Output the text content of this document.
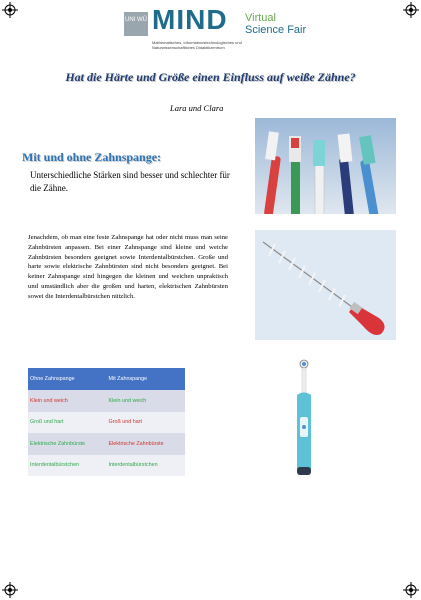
UNI WÜ MIND Virtual
Science Fair
Mathematisches, Informationstechnologisches und Naturwissenschaftliches Didaktikzentrum
Hat die Härte und Größe einen Einfluss auf weiße Zähne?
Lara und Clara
Mit und ohne Zahnspange:
Unterschiedliche Stärken sind besser und schlechter für die Zähne.
Jenachdem, ob man eine feste Zahnspange hat oder nicht muss man seine Zahnbürsten anpassen. Bei einer Zahnspange sind kleine und weiche Zahnbürsten besonders geeignet sowie Interdentalbürstchen. Große und harte sowie elektrische Zahnbürsten sind nicht besonders geeignet. Bei keiner Zahnspange sind hingegen die kleinen und weichen unpraktisch und umständlich aber die großen und harten, elektrischen Zahnbürsten sowei die Interdentalbürstchen nützlich.
Ohne Zahnspange	Mit Zahnspange
Klein und weich	Klein und weich
Groß und hart	Groß und hart
Elektrische Zahnbürste	Elektrische Zahnbürste
Interdentalbürstchen	Interdentalbürstchen
